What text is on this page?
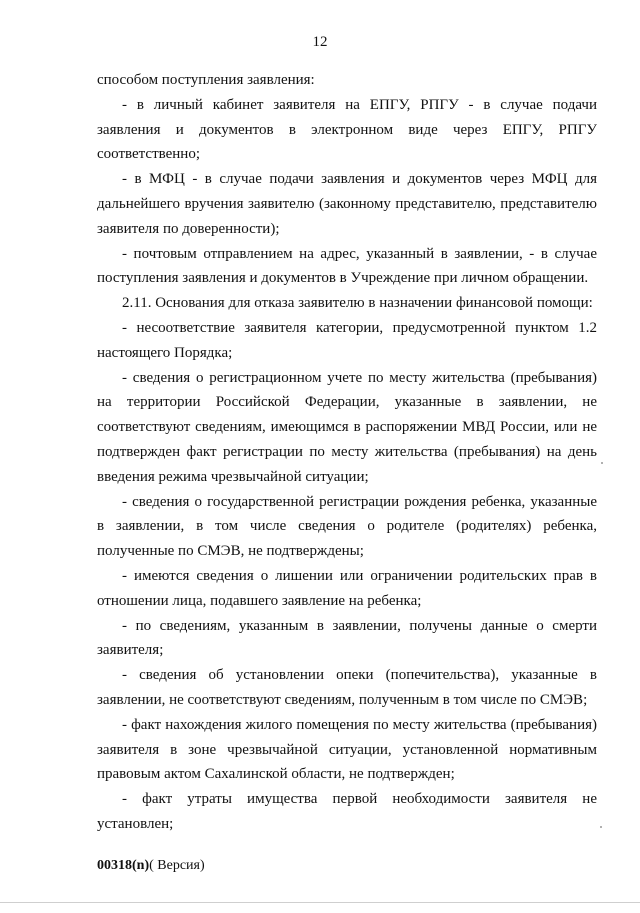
12

способом поступления заявления:

- в личный кабинет заявителя на ЕПГУ, РПГУ - в случае подачи заявления и документов в электронном виде через ЕПГУ, РПГУ соответственно;

- в МФЦ - в случае подачи заявления и документов через МФЦ для дальнейшего вручения заявителю (законному представителю, представителю заявителя по доверенности);

- почтовым отправлением на адрес, указанный в заявлении, - в случае поступления заявления и документов в Учреждение при личном обращении.

2.11. Основания для отказа заявителю в назначении финансовой помощи:

- несоответствие заявителя категории, предусмотренной пунктом 1.2 настоящего Порядка;

- сведения о регистрационном учете по месту жительства (пребывания) на территории Российской Федерации, указанные в заявлении, не соответствуют сведениям, имеющимся в распоряжении МВД России, или не подтвержден факт регистрации по месту жительства (пребывания) на день введения режима чрезвычайной ситуации;

- сведения о государственной регистрации рождения ребенка, указанные в заявлении, в том числе сведения о родителе (родителях) ребенка, полученные по СМЭВ, не подтверждены;

- имеются сведения о лишении или ограничении родительских прав в отношении лица, подавшего заявление на ребенка;

- по сведениям, указанным в заявлении, получены данные о смерти заявителя;

- сведения об установлении опеки (попечительства), указанные в заявлении, не соответствуют сведениям, полученным в том числе по СМЭВ;

- факт нахождения жилого помещения по месту жительства (пребывания) заявителя в зоне чрезвычайной ситуации, установленной нормативным правовым актом Сахалинской области, не подтвержден;

- факт утраты имущества первой необходимости заявителя не установлен;

00318(n)( Версия)
